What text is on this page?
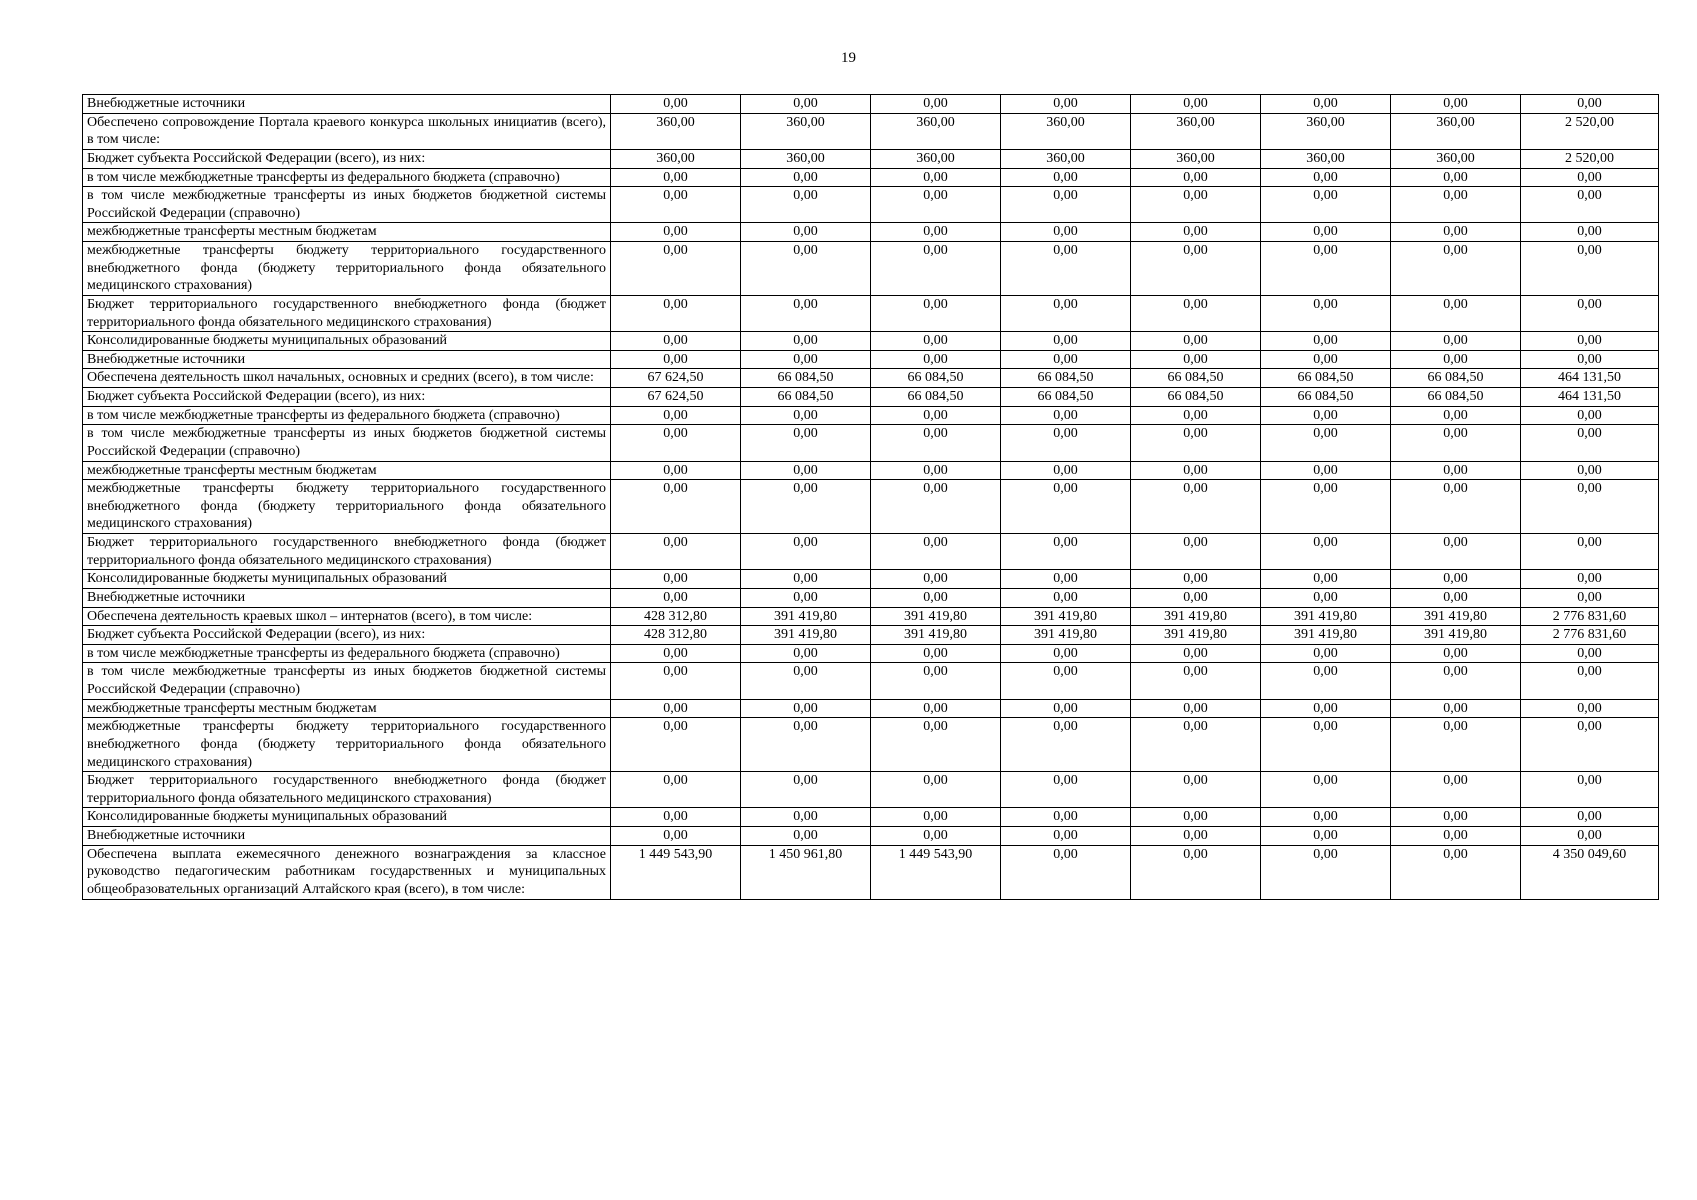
19
Внебюджетные источники	0,00	0,00	0,00	0,00	0,00	0,00	0,00	0,00
Обеспечено сопровождение Портала краевого конкурса школьных инициатив (всего), в том числе:	360,00	360,00	360,00	360,00	360,00	360,00	360,00	2 520,00
Бюджет субъекта Российской Федерации (всего), из них:	360,00	360,00	360,00	360,00	360,00	360,00	360,00	2 520,00
в том числе межбюджетные трансферты из федерального бюджета (справочно)	0,00	0,00	0,00	0,00	0,00	0,00	0,00	0,00
в том числе межбюджетные трансферты из иных бюджетов бюджетной системы Российской Федерации (справочно)	0,00	0,00	0,00	0,00	0,00	0,00	0,00	0,00
межбюджетные трансферты местным бюджетам	0,00	0,00	0,00	0,00	0,00	0,00	0,00	0,00
межбюджетные трансферты бюджету территориального государственного внебюджетного фонда (бюджету территориального фонда обязательного медицинского страхования)	0,00	0,00	0,00	0,00	0,00	0,00	0,00	0,00
Бюджет территориального государственного внебюджетного фонда (бюджет территориального фонда обязательного медицинского страхования)	0,00	0,00	0,00	0,00	0,00	0,00	0,00	0,00
Консолидированные бюджеты муниципальных образований	0,00	0,00	0,00	0,00	0,00	0,00	0,00	0,00
Внебюджетные источники	0,00	0,00	0,00	0,00	0,00	0,00	0,00	0,00
Обеспечена деятельность школ начальных, основных и средних (всего), в том числе:	67 624,50	66 084,50	66 084,50	66 084,50	66 084,50	66 084,50	66 084,50	464 131,50
Бюджет субъекта Российской Федерации (всего), из них:	67 624,50	66 084,50	66 084,50	66 084,50	66 084,50	66 084,50	66 084,50	464 131,50
в том числе межбюджетные трансферты из федерального бюджета (справочно)	0,00	0,00	0,00	0,00	0,00	0,00	0,00	0,00
в том числе межбюджетные трансферты из иных бюджетов бюджетной системы Российской Федерации (справочно)	0,00	0,00	0,00	0,00	0,00	0,00	0,00	0,00
межбюджетные трансферты местным бюджетам	0,00	0,00	0,00	0,00	0,00	0,00	0,00	0,00
межбюджетные трансферты бюджету территориального государственного внебюджетного фонда (бюджету территориального фонда обязательного медицинского страхования)	0,00	0,00	0,00	0,00	0,00	0,00	0,00	0,00
Бюджет территориального государственного внебюджетного фонда (бюджет территориального фонда обязательного медицинского страхования)	0,00	0,00	0,00	0,00	0,00	0,00	0,00	0,00
Консолидированные бюджеты муниципальных образований	0,00	0,00	0,00	0,00	0,00	0,00	0,00	0,00
Внебюджетные источники	0,00	0,00	0,00	0,00	0,00	0,00	0,00	0,00
Обеспечена деятельность краевых школ – интернатов (всего), в том числе:	428 312,80	391 419,80	391 419,80	391 419,80	391 419,80	391 419,80	391 419,80	2 776 831,60
Бюджет субъекта Российской Федерации (всего), из них:	428 312,80	391 419,80	391 419,80	391 419,80	391 419,80	391 419,80	391 419,80	2 776 831,60
в том числе межбюджетные трансферты из федерального бюджета (справочно)	0,00	0,00	0,00	0,00	0,00	0,00	0,00	0,00
в том числе межбюджетные трансферты из иных бюджетов бюджетной системы Российской Федерации (справочно)	0,00	0,00	0,00	0,00	0,00	0,00	0,00	0,00
межбюджетные трансферты местным бюджетам	0,00	0,00	0,00	0,00	0,00	0,00	0,00	0,00
межбюджетные трансферты бюджету территориального государственного внебюджетного фонда (бюджету территориального фонда обязательного медицинского страхования)	0,00	0,00	0,00	0,00	0,00	0,00	0,00	0,00
Бюджет территориального государственного внебюджетного фонда (бюджет территориального фонда обязательного медицинского страхования)	0,00	0,00	0,00	0,00	0,00	0,00	0,00	0,00
Консолидированные бюджеты муниципальных образований	0,00	0,00	0,00	0,00	0,00	0,00	0,00	0,00
Внебюджетные источники	0,00	0,00	0,00	0,00	0,00	0,00	0,00	0,00
Обеспечена выплата ежемесячного денежного вознаграждения за классное руководство педагогическим работникам государственных и муниципальных общеобразовательных организаций Алтайского края (всего), в том числе:	1 449 543,90	1 450 961,80	1 449 543,90	0,00	0,00	0,00	0,00	4 350 049,60
